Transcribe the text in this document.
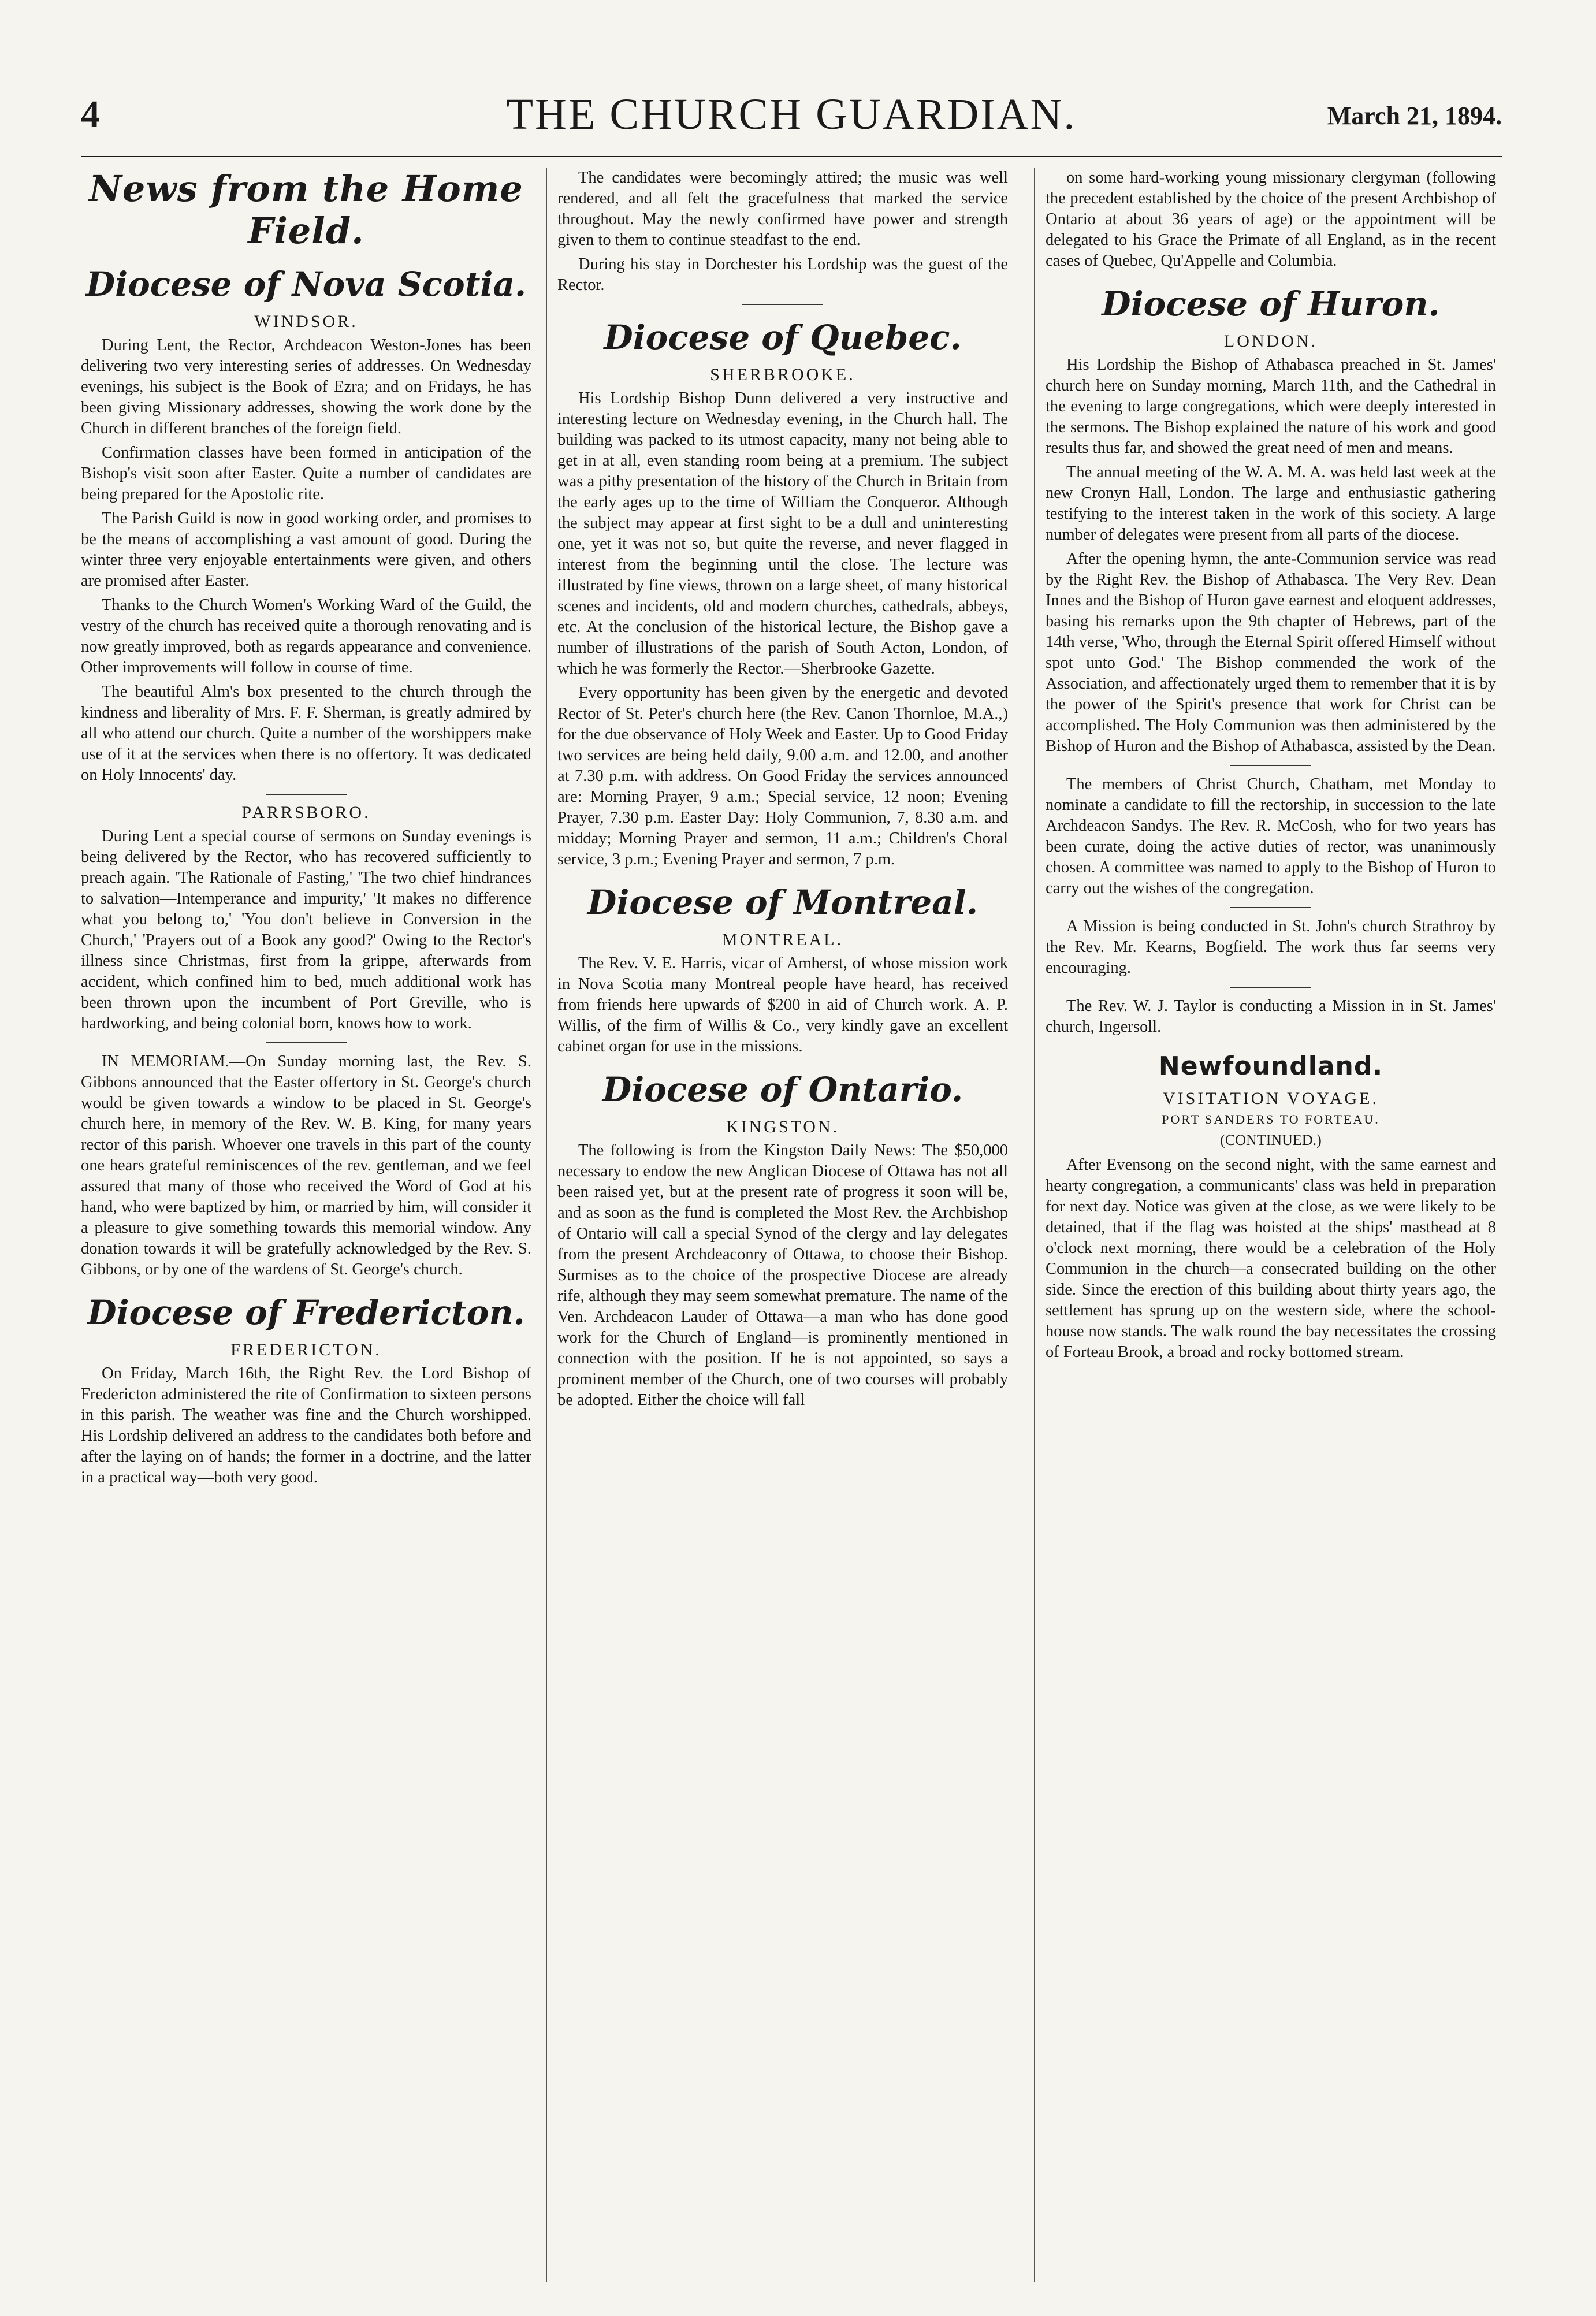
4	THE CHURCH GUARDIAN.	March 21, 1894.
News from the Home Field.
Diocese of Nova Scotia.
WINDSOR.

During Lent, the Rector, Archdeacon Weston-Jones has been delivering two very interesting series of addresses. On Wednesday evenings, his subject is the Book of Ezra; and on Fridays, he has been giving Missionary addresses, showing the work done by the Church in different branches of the foreign field.

Confirmation classes have been formed in anticipation of the Bishop's visit soon after Easter. Quite a number of candidates are being prepared for the Apostolic rite.

The Parish Guild is now in good working order, and promises to be the means of accomplishing a vast amount of good. During the winter three very enjoyable entertainments were given, and others are promised after Easter.

Thanks to the Church Women's Working Ward of the Guild, the vestry of the church has received quite a thorough renovating and is now greatly improved, both as regards appearance and convenience. Other improvements will follow in course of time.

The beautiful Alm's box presented to the church through the kindness and liberality of Mrs. F. F. Sherman, is greatly admired by all who attend our church. Quite a number of the worshippers make use of it at the services when there is no offertory. It was dedicated on Holy Innocents' day.

PARRSBORO.

During Lent a special course of sermons on Sunday evenings is being delivered by the Rector, who has recovered sufficiently to preach again. 'The Rationale of Fasting,' 'The two chief hindrances to salvation—Intemperance and impurity,' 'It makes no difference what you belong to,' 'You don't believe in Conversion in the Church,' 'Prayers out of a Book any good?' Owing to the Rector's illness since Christmas, first from la grippe, afterwards from accident, which confined him to bed, much additional work has been thrown upon the incumbent of Port Greville, who is hardworking, and being colonial born, knows how to work.

IN MEMORIAM.—On Sunday morning last, the Rev. S. Gibbons announced that the Easter offertory in St. George's church would be given towards a window to be placed in St. George's church here, in memory of the Rev. W. B. King, for many years rector of this parish. Whoever one travels in this part of the county one hears grateful reminiscences of the rev. gentleman, and we feel assured that many of those who received the Word of God at his hand, who were baptized by him, or married by him, will consider it a pleasure to give something towards this memorial window. Any donation towards it will be gratefully acknowledged by the Rev. S. Gibbons, or by one of the wardens of St. George's church.

Diocese of Fredericton.
FREDERICTON.

On Friday, March 16th, the Right Rev. the Lord Bishop of Fredericton administered the rite of Confirmation to sixteen persons in this parish. The weather was fine and the Church worshipped. His Lordship delivered an address to the candidates both before and after the laying on of hands; the former in a doctrine, and the latter in a practical way—both very good.

The candidates were becomingly attired; the music was well rendered, and all felt the gracefulness that marked the service throughout. May the newly confirmed have power and strength given to them to continue steadfast to the end.

During his stay in Dorchester his Lordship was the guest of the Rector.

Diocese of Quebec.
SHERBROOKE.

His Lordship Bishop Dunn delivered a very instructive and interesting lecture on Wednesday evening, in the Church hall. The building was packed to its utmost capacity, many not being able to get in at all, even standing room being at a premium. The subject was a pithy presentation of the history of the Church in Britain from the early ages up to the time of William the Conqueror. Although the subject may appear at first sight to be a dull and uninteresting one, yet it was not so, but quite the reverse, and never flagged in interest from the beginning until the close. The lecture was illustrated by fine views, thrown on a large sheet, of many historical scenes and incidents, old and modern churches, cathedrals, abbeys, etc. At the conclusion of the historical lecture, the Bishop gave a number of illustrations of the parish of South Acton, London, of which he was formerly the Rector.—Sherbrooke Gazette.

Every opportunity has been given by the energetic and devoted Rector of St. Peter's church here (the Rev. Canon Thornloe, M.A.,) for the due observance of Holy Week and Easter. Up to Good Friday two services are being held daily, 9.00 a.m. and 12.00, and another at 7.30 p.m. with address. On Good Friday the services announced are: Morning Prayer, 9 a.m.; Special service, 12 noon; Evening Prayer, 7.30 p.m. Easter Day: Holy Communion, 7, 8.30 a.m. and midday; Morning Prayer and sermon, 11 a.m.; Children's Choral service, 3 p.m.; Evening Prayer and sermon, 7 p.m.

Diocese of Montreal.
MONTREAL.

The Rev. V. E. Harris, vicar of Amherst, of whose mission work in Nova Scotia many Montreal people have heard, has received from friends here upwards of $200 in aid of Church work. A. P. Willis, of the firm of Willis & Co., very kindly gave an excellent cabinet organ for use in the missions.

Diocese of Ontario.
KINGSTON.

The following is from the Kingston Daily News: The $50,000 necessary to endow the new Anglican Diocese of Ottawa has not all been raised yet, but at the present rate of progress it soon will be, and as soon as the fund is completed the Most Rev. the Archbishop of Ontario will call a special Synod of the clergy and lay delegates from the present Archdeaconry of Ottawa, to choose their Bishop. Surmises as to the choice of the prospective Diocese are already rife, although they may seem somewhat premature. The name of the Ven. Archdeacon Lauder of Ottawa—a man who has done good work for the Church of England—is prominently mentioned in connection with the position. If he is not appointed, so says a prominent member of the Church, one of two courses will probably be adopted. Either the choice will fall

on some hard-working young missionary clergyman (following the precedent established by the choice of the present Archbishop of Ontario at about 36 years of age) or the appointment will be delegated to his Grace the Primate of all England, as in the recent cases of Quebec, Qu'Appelle and Columbia.

Diocese of Huron.
LONDON.

His Lordship the Bishop of Athabasca preached in St. James' church here on Sunday morning, March 11th, and the Cathedral in the evening to large congregations, which were deeply interested in the sermons. The Bishop explained the nature of his work and good results thus far, and showed the great need of men and means.

The annual meeting of the W. A. M. A. was held last week at the new Cronyn Hall, London. The large and enthusiastic gathering testifying to the interest taken in the work of this society. A large number of delegates were present from all parts of the diocese.

After the opening hymn, the ante-Communion service was read by the Right Rev. the Bishop of Athabasca. The Very Rev. Dean Innes and the Bishop of Huron gave earnest and eloquent addresses, basing his remarks upon the 9th chapter of Hebrews, part of the 14th verse, 'Who, through the Eternal Spirit offered Himself without spot unto God.' The Bishop commended the work of the Association, and affectionately urged them to remember that it is by the power of the Spirit's presence that work for Christ can be accomplished. The Holy Communion was then administered by the Bishop of Huron and the Bishop of Athabasca, assisted by the Dean.

The members of Christ Church, Chatham, met Monday to nominate a candidate to fill the rectorship, in succession to the late Archdeacon Sandys. The Rev. R. McCosh, who for two years has been curate, doing the active duties of rector, was unanimously chosen. A committee was named to apply to the Bishop of Huron to carry out the wishes of the congregation.

A Mission is being conducted in St. John's church Strathroy by the Rev. Mr. Kearns, Bogfield. The work thus far seems very encouraging.

The Rev. W. J. Taylor is conducting a Mission in in St. James' church, Ingersoll.

Newfoundland.
VISITATION VOYAGE.
PORT SANDERS TO FORTEAU.
(CONTINUED.)

After Evensong on the second night, with the same earnest and hearty congregation, a communicants' class was held in preparation for next day. Notice was given at the close, as we were likely to be detained, that if the flag was hoisted at the ships' masthead at 8 o'clock next morning, there would be a celebration of the Holy Communion in the church—a consecrated building on the other side. Since the erection of this building about thirty years ago, the settlement has sprung up on the western side, where the school-house now stands. The walk round the bay necessitates the crossing of Forteau Brook, a broad and rocky bottomed stream.
